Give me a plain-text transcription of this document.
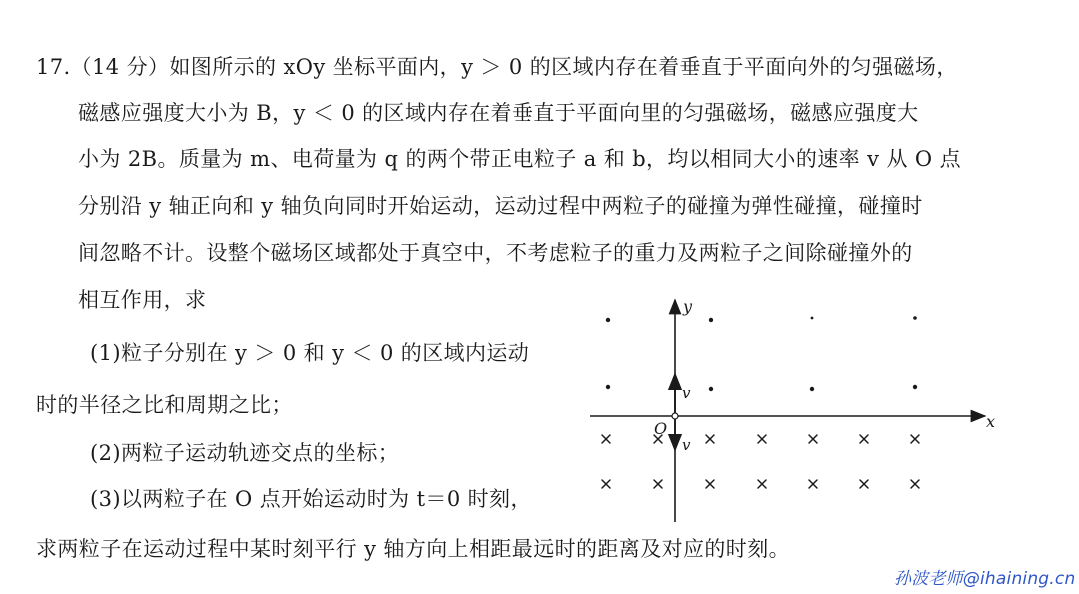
17.（14 分）如图所示的 xOy 坐标平面内，y ＞ 0 的区域内存在着垂直于平面向外的匀强磁场，
磁感应强度大小为 B，y ＜ 0 的区域内存在着垂直于平面向里的匀强磁场，磁感应强度大
小为 2B。质量为 m、电荷量为 q 的两个带正电粒子 a 和 b，均以相同大小的速率 v 从 O 点
分别沿 y 轴正向和 y 轴负向同时开始运动，运动过程中两粒子的碰撞为弹性碰撞，碰撞时
间忽略不计。设整个磁场区域都处于真空中，不考虑粒子的重力及两粒子之间除碰撞外的
相互作用，求
(1)粒子分别在 y ＞ 0 和 y ＜ 0 的区域内运动
时的半径之比和周期之比；
(2)两粒子运动轨迹交点的坐标；
(3)以两粒子在 O 点开始运动时为 t＝0 时刻，
求两粒子在运动过程中某时刻平行 y 轴方向上相距最远时的距离及对应的时刻。
y
x
O
v
v
孙波老师@ihaining.cn
